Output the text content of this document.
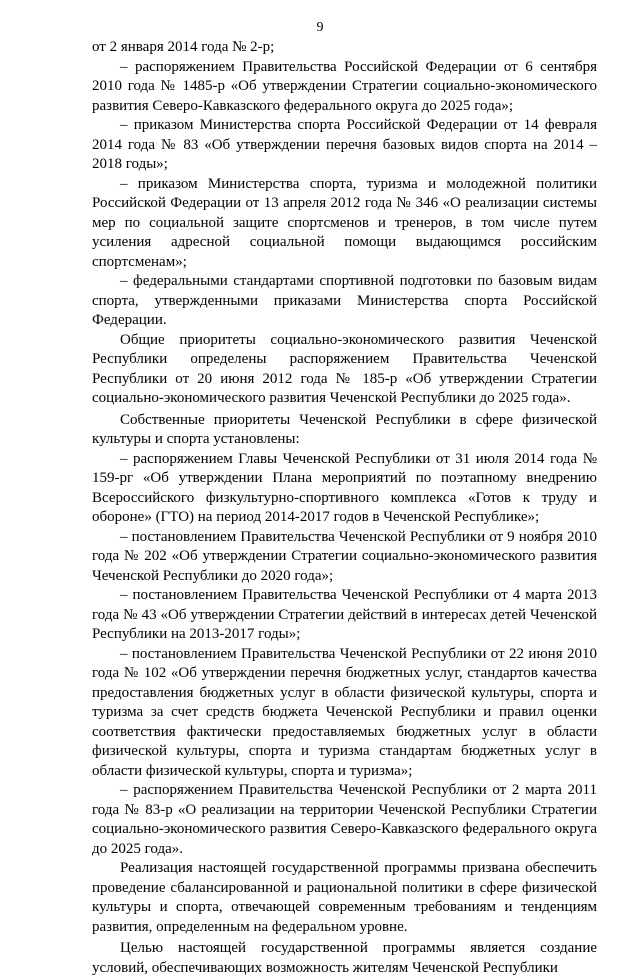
9

от 2 января 2014 года № 2-р;

– распоряжением Правительства Российской Федерации от 6 сентября 2010 года № 1485-р «Об утверждении Стратегии социально-экономического развития Северо-Кавказского федерального округа до 2025 года»;

– приказом Министерства спорта Российской Федерации от 14 февраля 2014 года № 83 «Об утверждении перечня базовых видов спорта на 2014 – 2018 годы»;

– приказом Министерства спорта, туризма и молодежной политики Российской Федерации от 13 апреля 2012 года № 346 «О реализации системы мер по социальной защите спортсменов и тренеров, в том числе путем усиления адресной социальной помощи выдающимся российским спортсменам»;

– федеральными стандартами спортивной подготовки по базовым видам спорта, утвержденными приказами Министерства спорта Российской Федерации.

Общие приоритеты социально-экономического развития Чеченской Республики определены распоряжением Правительства Чеченской Республики от 20 июня 2012 года № 185-р «Об утверждении Стратегии социально-экономического развития Чеченской Республики до 2025 года».

Собственные приоритеты Чеченской Республики в сфере физической культуры и спорта установлены:

– распоряжением Главы Чеченской Республики от 31 июля 2014 года № 159-рг «Об утверждении Плана мероприятий по поэтапному внедрению Всероссийского физкультурно-спортивного комплекса «Готов к труду и обороне» (ГТО) на период 2014-2017 годов в Чеченской Республике»;

– постановлением Правительства Чеченской Республики от 9 ноября 2010 года № 202 «Об утверждении Стратегии социально-экономического развития Чеченской Республики до 2020 года»;

– постановлением Правительства Чеченской Республики от 4 марта 2013 года № 43 «Об утверждении Стратегии действий в интересах детей Чеченской Республики на 2013-2017 годы»;

– постановлением Правительства Чеченской Республики от 22 июня 2010 года № 102 «Об утверждении перечня бюджетных услуг, стандартов качества предоставления бюджетных услуг в области физической культуры, спорта и туризма за счет средств бюджета Чеченской Республики и правил оценки соответствия фактически предоставляемых бюджетных услуг в области физической культуры, спорта и туризма стандартам бюджетных услуг в области физической культуры, спорта и туризма»;

– распоряжением Правительства Чеченской Республики от 2 марта 2011 года № 83-р «О реализации на территории Чеченской Республики Стратегии социально-экономического развития Северо-Кавказского федерального округа до 2025 года».

Реализация настоящей государственной программы призвана обеспечить проведение сбалансированной и рациональной политики в сфере физической культуры и спорта, отвечающей современным требованиям и тенденциям развития, определенным на федеральном уровне.

Целью настоящей государственной программы является создание условий, обеспечивающих возможность жителям Чеченской Республики
